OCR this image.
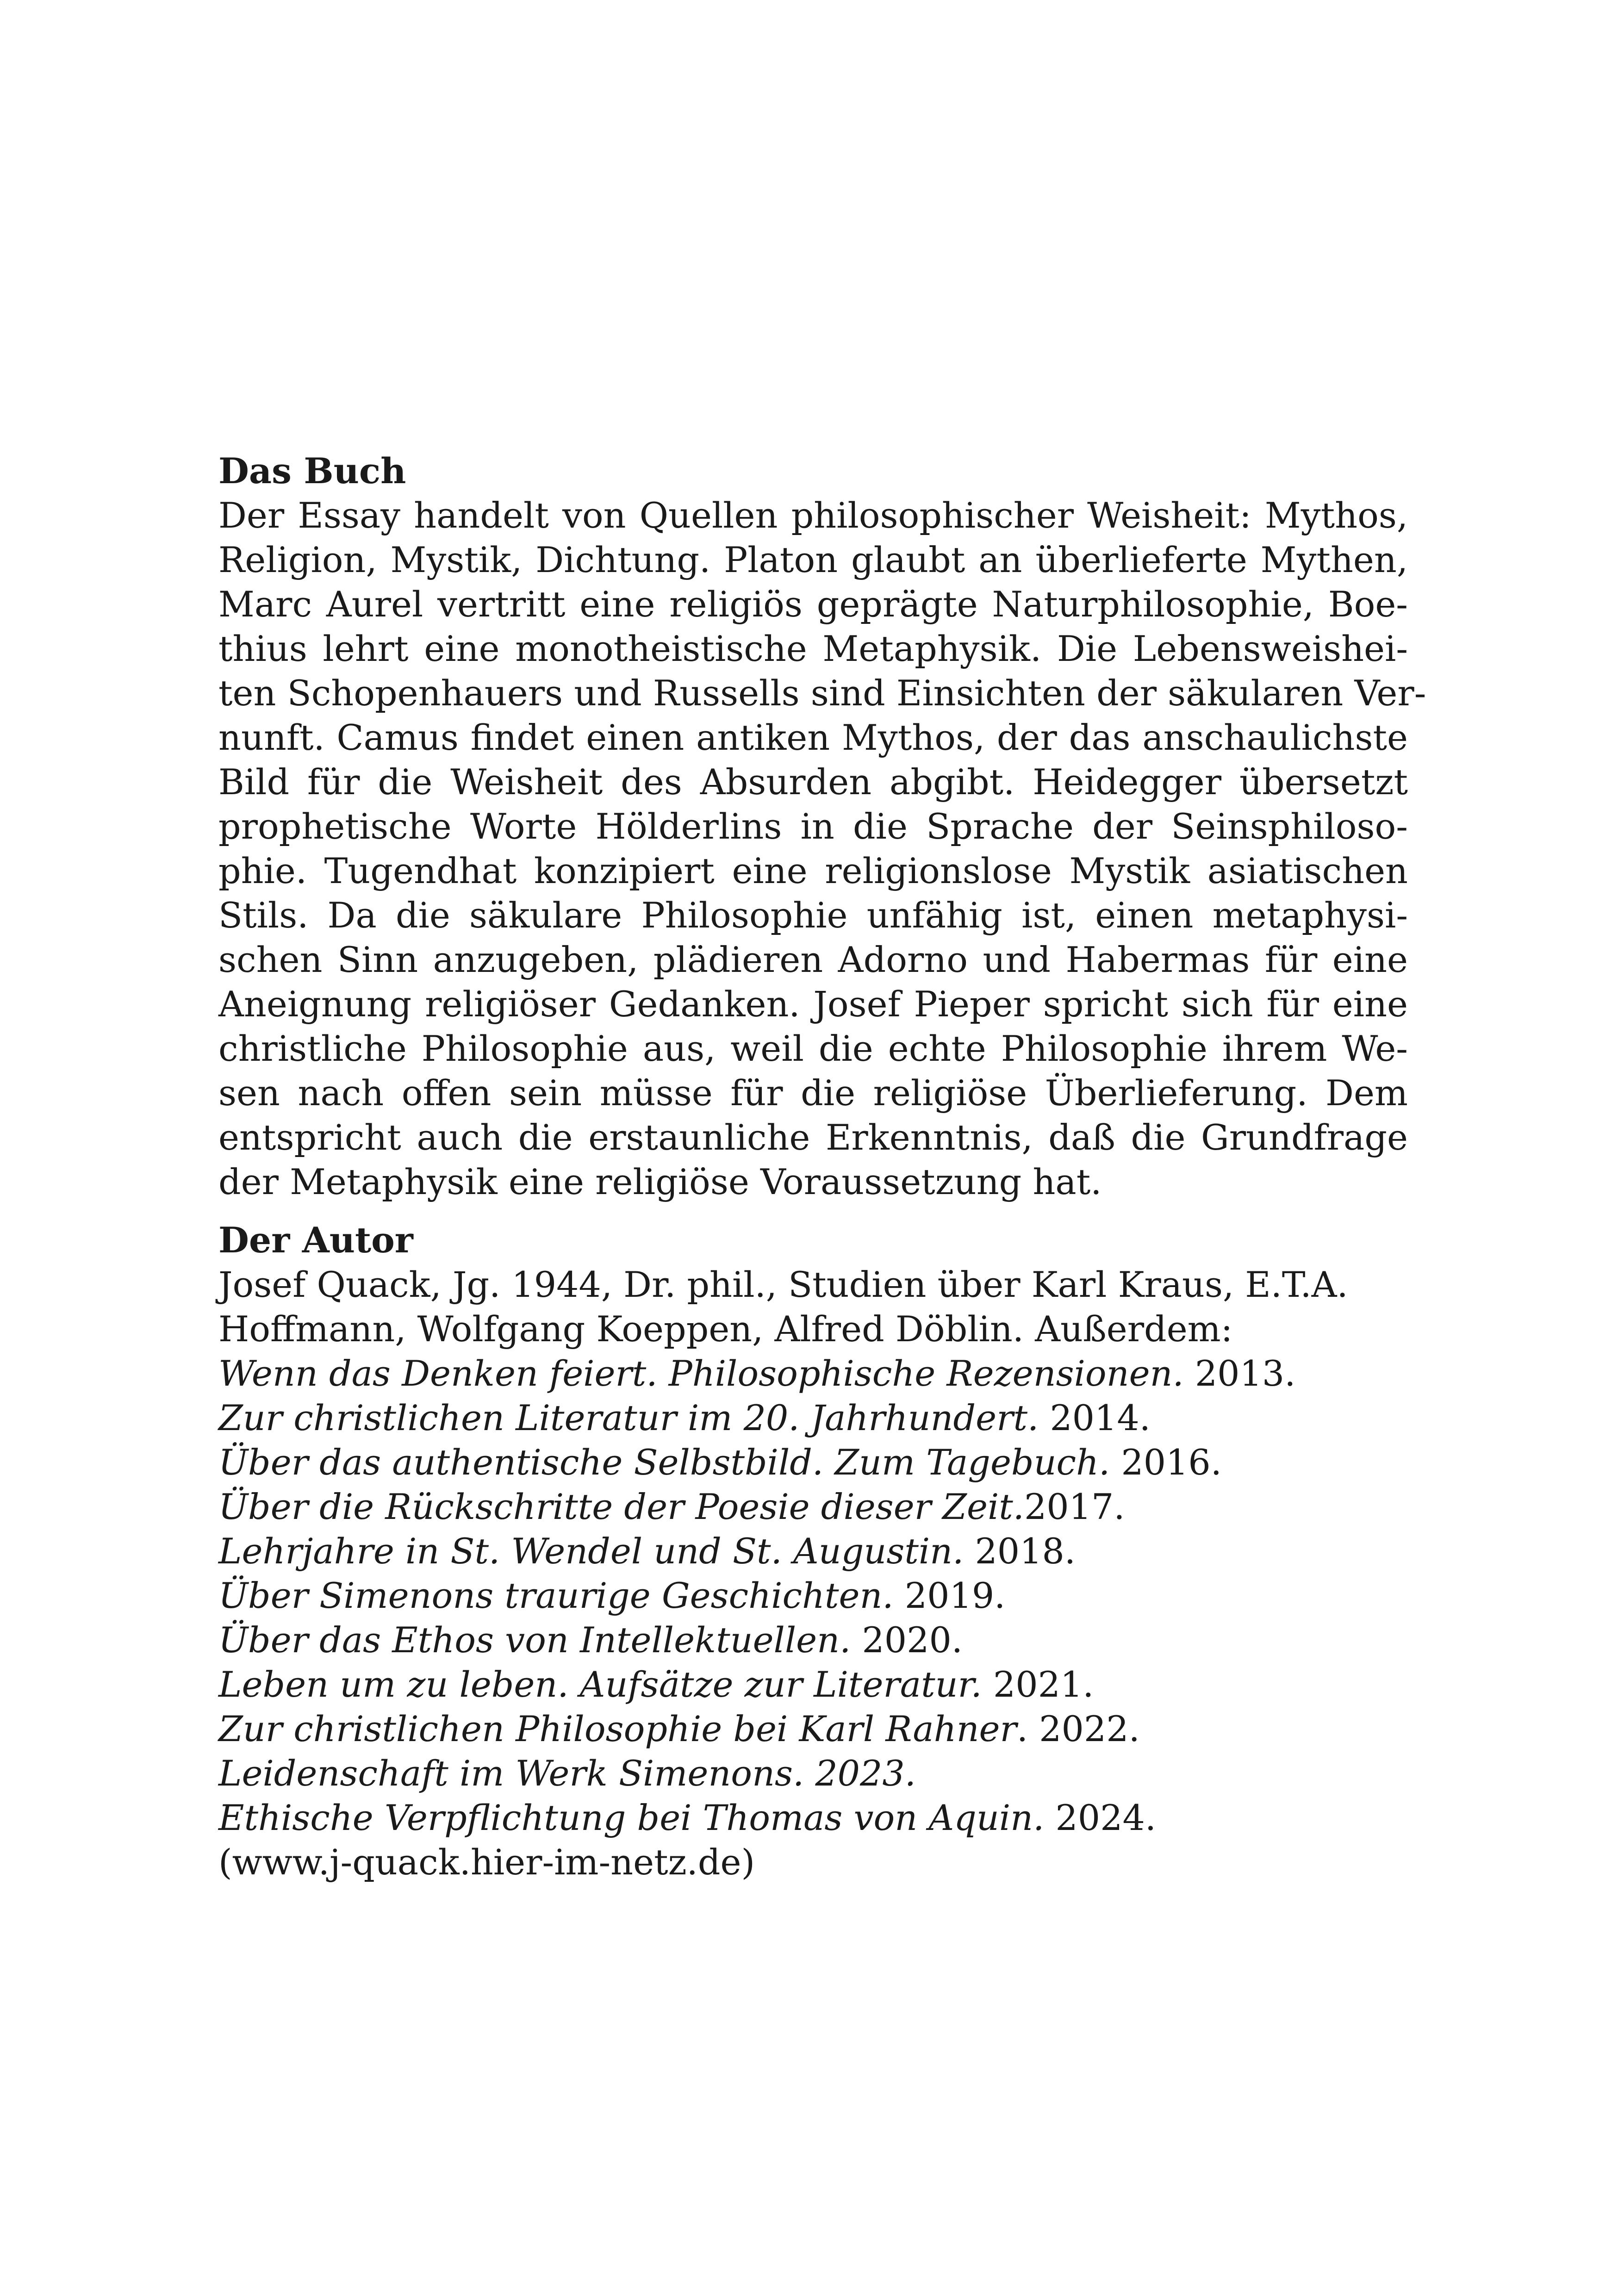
Das Buch
Der Essay handelt von Quellen philosophischer Weisheit: Mythos,
Religion, Mystik, Dichtung. Platon glaubt an überlieferte Mythen,
Marc Aurel vertritt eine religiös geprägte Naturphilosophie, Boe-
thius lehrt eine monotheistische Metaphysik. Die Lebensweishei-
ten Schopenhauers und Russells sind Einsichten der säkularen Ver-
nunft. Camus findet einen antiken Mythos, der das anschaulichste
Bild für die Weisheit des Absurden abgibt. Heidegger übersetzt
prophetische Worte Hölderlins in die Sprache der Seinsphiloso-
phie. Tugendhat konzipiert eine religionslose Mystik asiatischen
Stils. Da die säkulare Philosophie unfähig ist, einen metaphysi-
schen Sinn anzugeben, plädieren Adorno und Habermas für eine
Aneignung religiöser Gedanken. Josef Pieper spricht sich für eine
christliche Philosophie aus, weil die echte Philosophie ihrem We-
sen nach offen sein müsse für die religiöse Überlieferung. Dem
entspricht auch die erstaunliche Erkenntnis, daß die Grundfrage
der Metaphysik eine religiöse Voraussetzung hat.
Der Autor
Josef Quack, Jg. 1944, Dr. phil., Studien über Karl Kraus, E.T.A.
Hoffmann, Wolfgang Koeppen, Alfred Döblin. Außerdem:
Wenn das Denken feiert. Philosophische Rezensionen. 2013.
Zur christlichen Literatur im 20. Jahrhundert. 2014.
Über das authentische Selbstbild. Zum Tagebuch. 2016.
Über die Rückschritte der Poesie dieser Zeit.2017.
Lehrjahre in St. Wendel und St. Augustin. 2018.
Über Simenons traurige Geschichten. 2019.
Über das Ethos von Intellektuellen. 2020.
Leben um zu leben. Aufsätze zur Literatur. 2021.
Zur christlichen Philosophie bei Karl Rahner. 2022.
Leidenschaft im Werk Simenons. 2023.
Ethische Verpflichtung bei Thomas von Aquin. 2024.
(www.j-quack.hier-im-netz.de)
